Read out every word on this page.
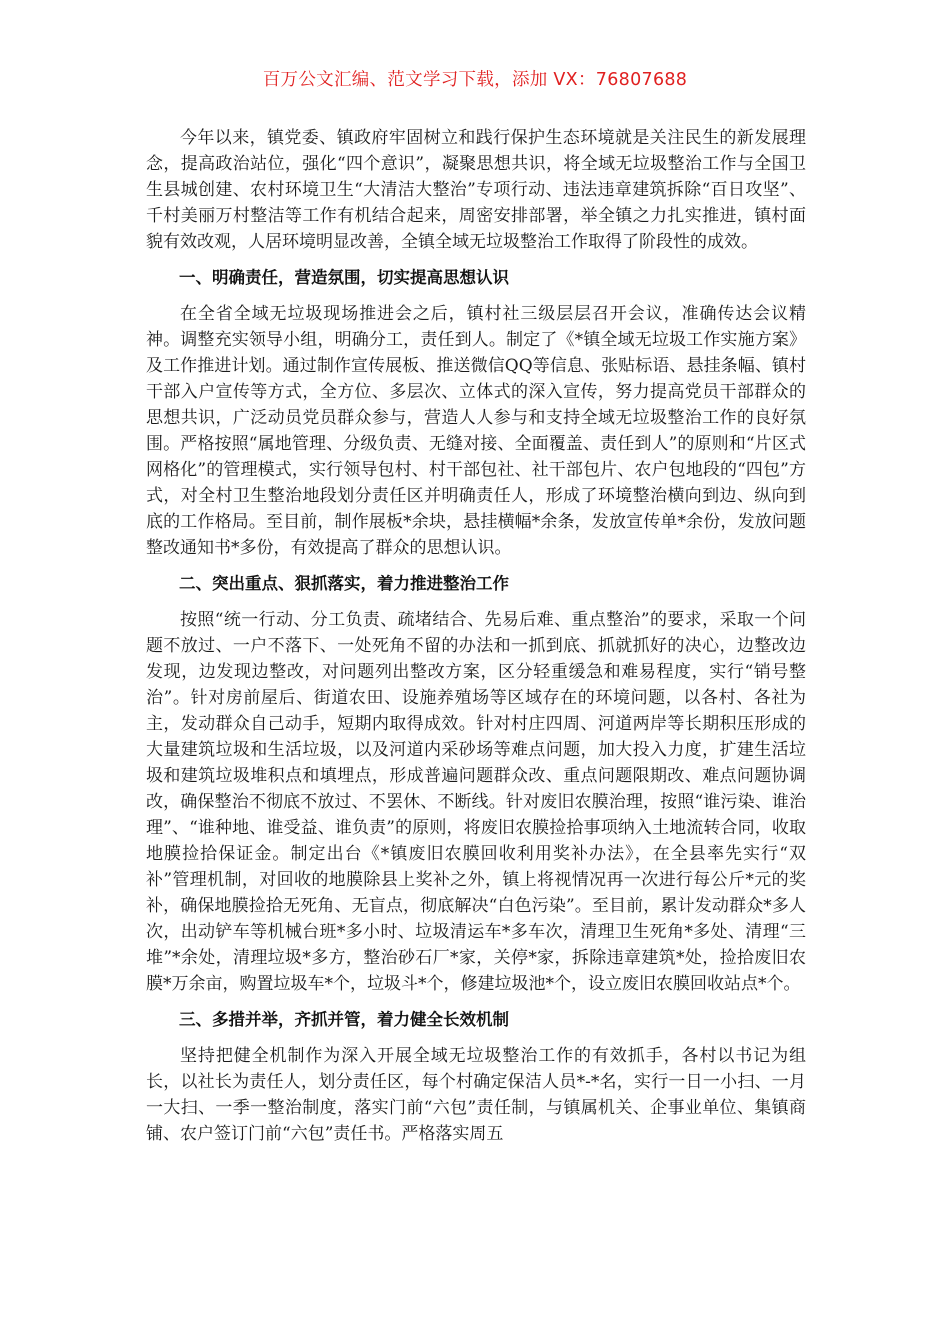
百万公文汇编、范文学习下载，添加 VX：76807688

今年以来，镇党委、镇政府牢固树立和践行保护生态环境就是关注民生的新发展理念，提高政治站位，强化“四个意识”，凝聚思想共识，将全域无垃圾整治工作与全国卫生县城创建、农村环境卫生“大清洁大整治”专项行动、违法违章建筑拆除“百日攻坚”、千村美丽万村整洁等工作有机结合起来，周密安排部署，举全镇之力扎实推进，镇村面貌有效改观，人居环境明显改善，全镇全域无垃圾整治工作取得了阶段性的成效。

一、明确责任，营造氛围，切实提高思想认识

在全省全域无垃圾现场推进会之后，镇村社三级层层召开会议，准确传达会议精神。调整充实领导小组，明确分工，责任到人。制定了《*镇全域无垃圾工作实施方案》及工作推进计划。通过制作宣传展板、推送微信QQ等信息、张贴标语、悬挂条幅、镇村干部入户宣传等方式，全方位、多层次、立体式的深入宣传，努力提高党员干部群众的思想共识，广泛动员党员群众参与，营造人人参与和支持全域无垃圾整治工作的良好氛围。严格按照“属地管理、分级负责、无缝对接、全面覆盖、责任到人”的原则和“片区式网格化”的管理模式，实行领导包村、村干部包社、社干部包片、农户包地段的“四包”方式，对全村卫生整治地段划分责任区并明确责任人，形成了环境整治横向到边、纵向到底的工作格局。至目前，制作展板*余块，悬挂横幅*余条，发放宣传单*余份，发放问题整改通知书*多份，有效提高了群众的思想认识。

二、突出重点、狠抓落实，着力推进整治工作

按照“统一行动、分工负责、疏堵结合、先易后难、重点整治”的要求，采取一个问题不放过、一户不落下、一处死角不留的办法和一抓到底、抓就抓好的决心，边整改边发现，边发现边整改，对问题列出整改方案，区分轻重缓急和难易程度，实行“销号整治”。针对房前屋后、街道农田、设施养殖场等区域存在的环境问题，以各村、各社为主，发动群众自己动手，短期内取得成效。针对村庄四周、河道两岸等长期积压形成的大量建筑垃圾和生活垃圾，以及河道内采砂场等难点问题，加大投入力度，扩建生活垃圾和建筑垃圾堆积点和填埋点，形成普遍问题群众改、重点问题限期改、难点问题协调改，确保整治不彻底不放过、不罢休、不断线。针对废旧农膜治理，按照“谁污染、谁治理”、“谁种地、谁受益、谁负责”的原则，将废旧农膜捡拾事项纳入土地流转合同，收取地膜捡拾保证金。制定出台《*镇废旧农膜回收利用奖补办法》，在全县率先实行“双补”管理机制，对回收的地膜除县上奖补之外，镇上将视情况再一次进行每公斤*元的奖补，确保地膜捡拾无死角、无盲点，彻底解决“白色污染”。至目前，累计发动群众*多人次，出动铲车等机械台班*多小时、垃圾清运车*多车次，清理卫生死角*多处、清理“三堆”*余处，清理垃圾*多方，整治砂石厂*家，关停*家，拆除违章建筑*处，捡拾废旧农膜*万余亩，购置垃圾车*个，垃圾斗*个，修建垃圾池*个，设立废旧农膜回收站点*个。

三、多措并举，齐抓并管，着力健全长效机制

坚持把健全机制作为深入开展全域无垃圾整治工作的有效抓手，各村以书记为组长，以社长为责任人，划分责任区，每个村确定保洁人员*-*名，实行一日一小扫、一月一大扫、一季一整治制度，落实门前“六包”责任制，与镇属机关、企事业单位、集镇商铺、农户签订门前“六包”责任书。严格落实周五
